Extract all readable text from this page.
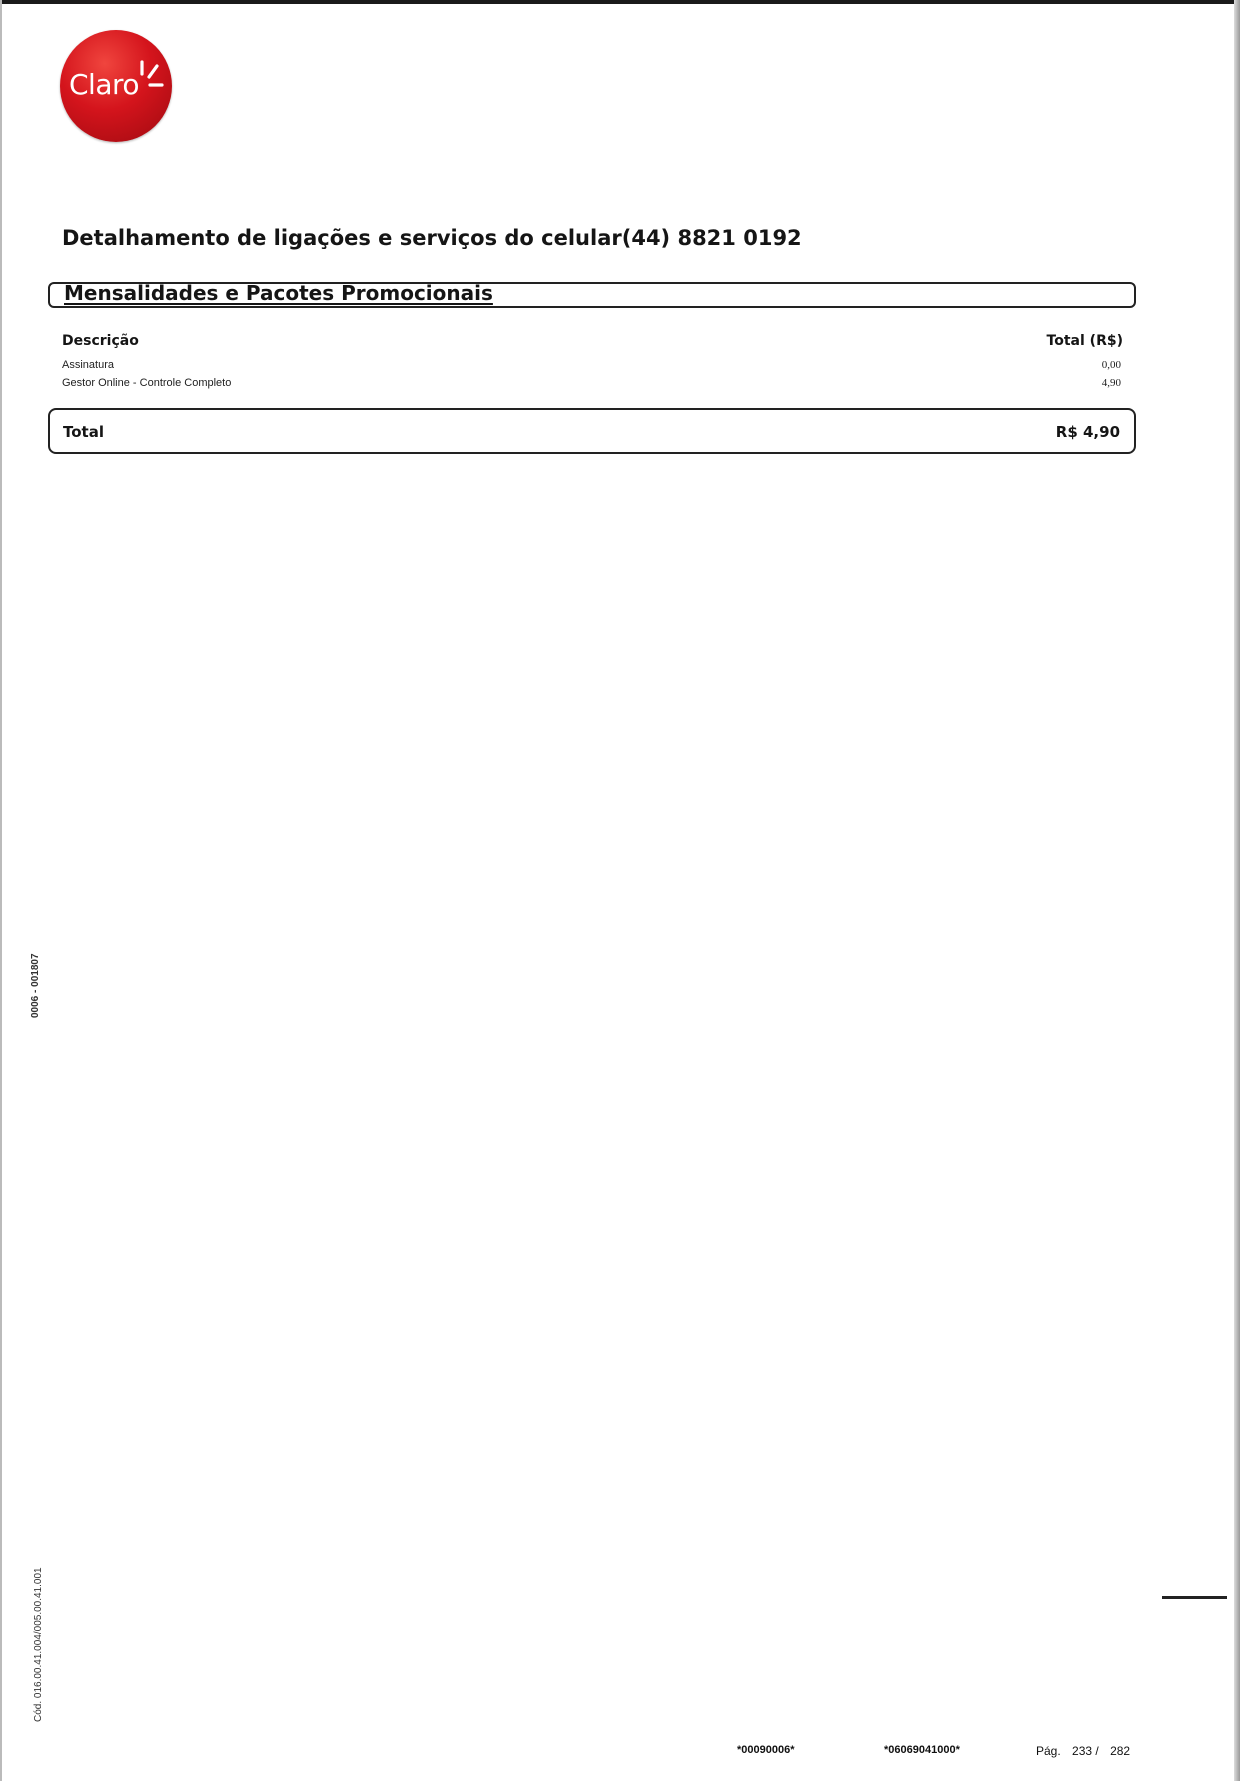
Claro
Detalhamento de ligações e serviços do celular(44) 8821 0192
Mensalidades e Pacotes Promocionais
Descrição	Total (R$)
Assinatura	0,00
Gestor Online - Controle Completo	4,90
Total	R$ 4,90
0006 - 001807
Cód. 016.00.41.004/005.00.41.001
*00090006*	*06069041000*	Pág. 233 / 282
